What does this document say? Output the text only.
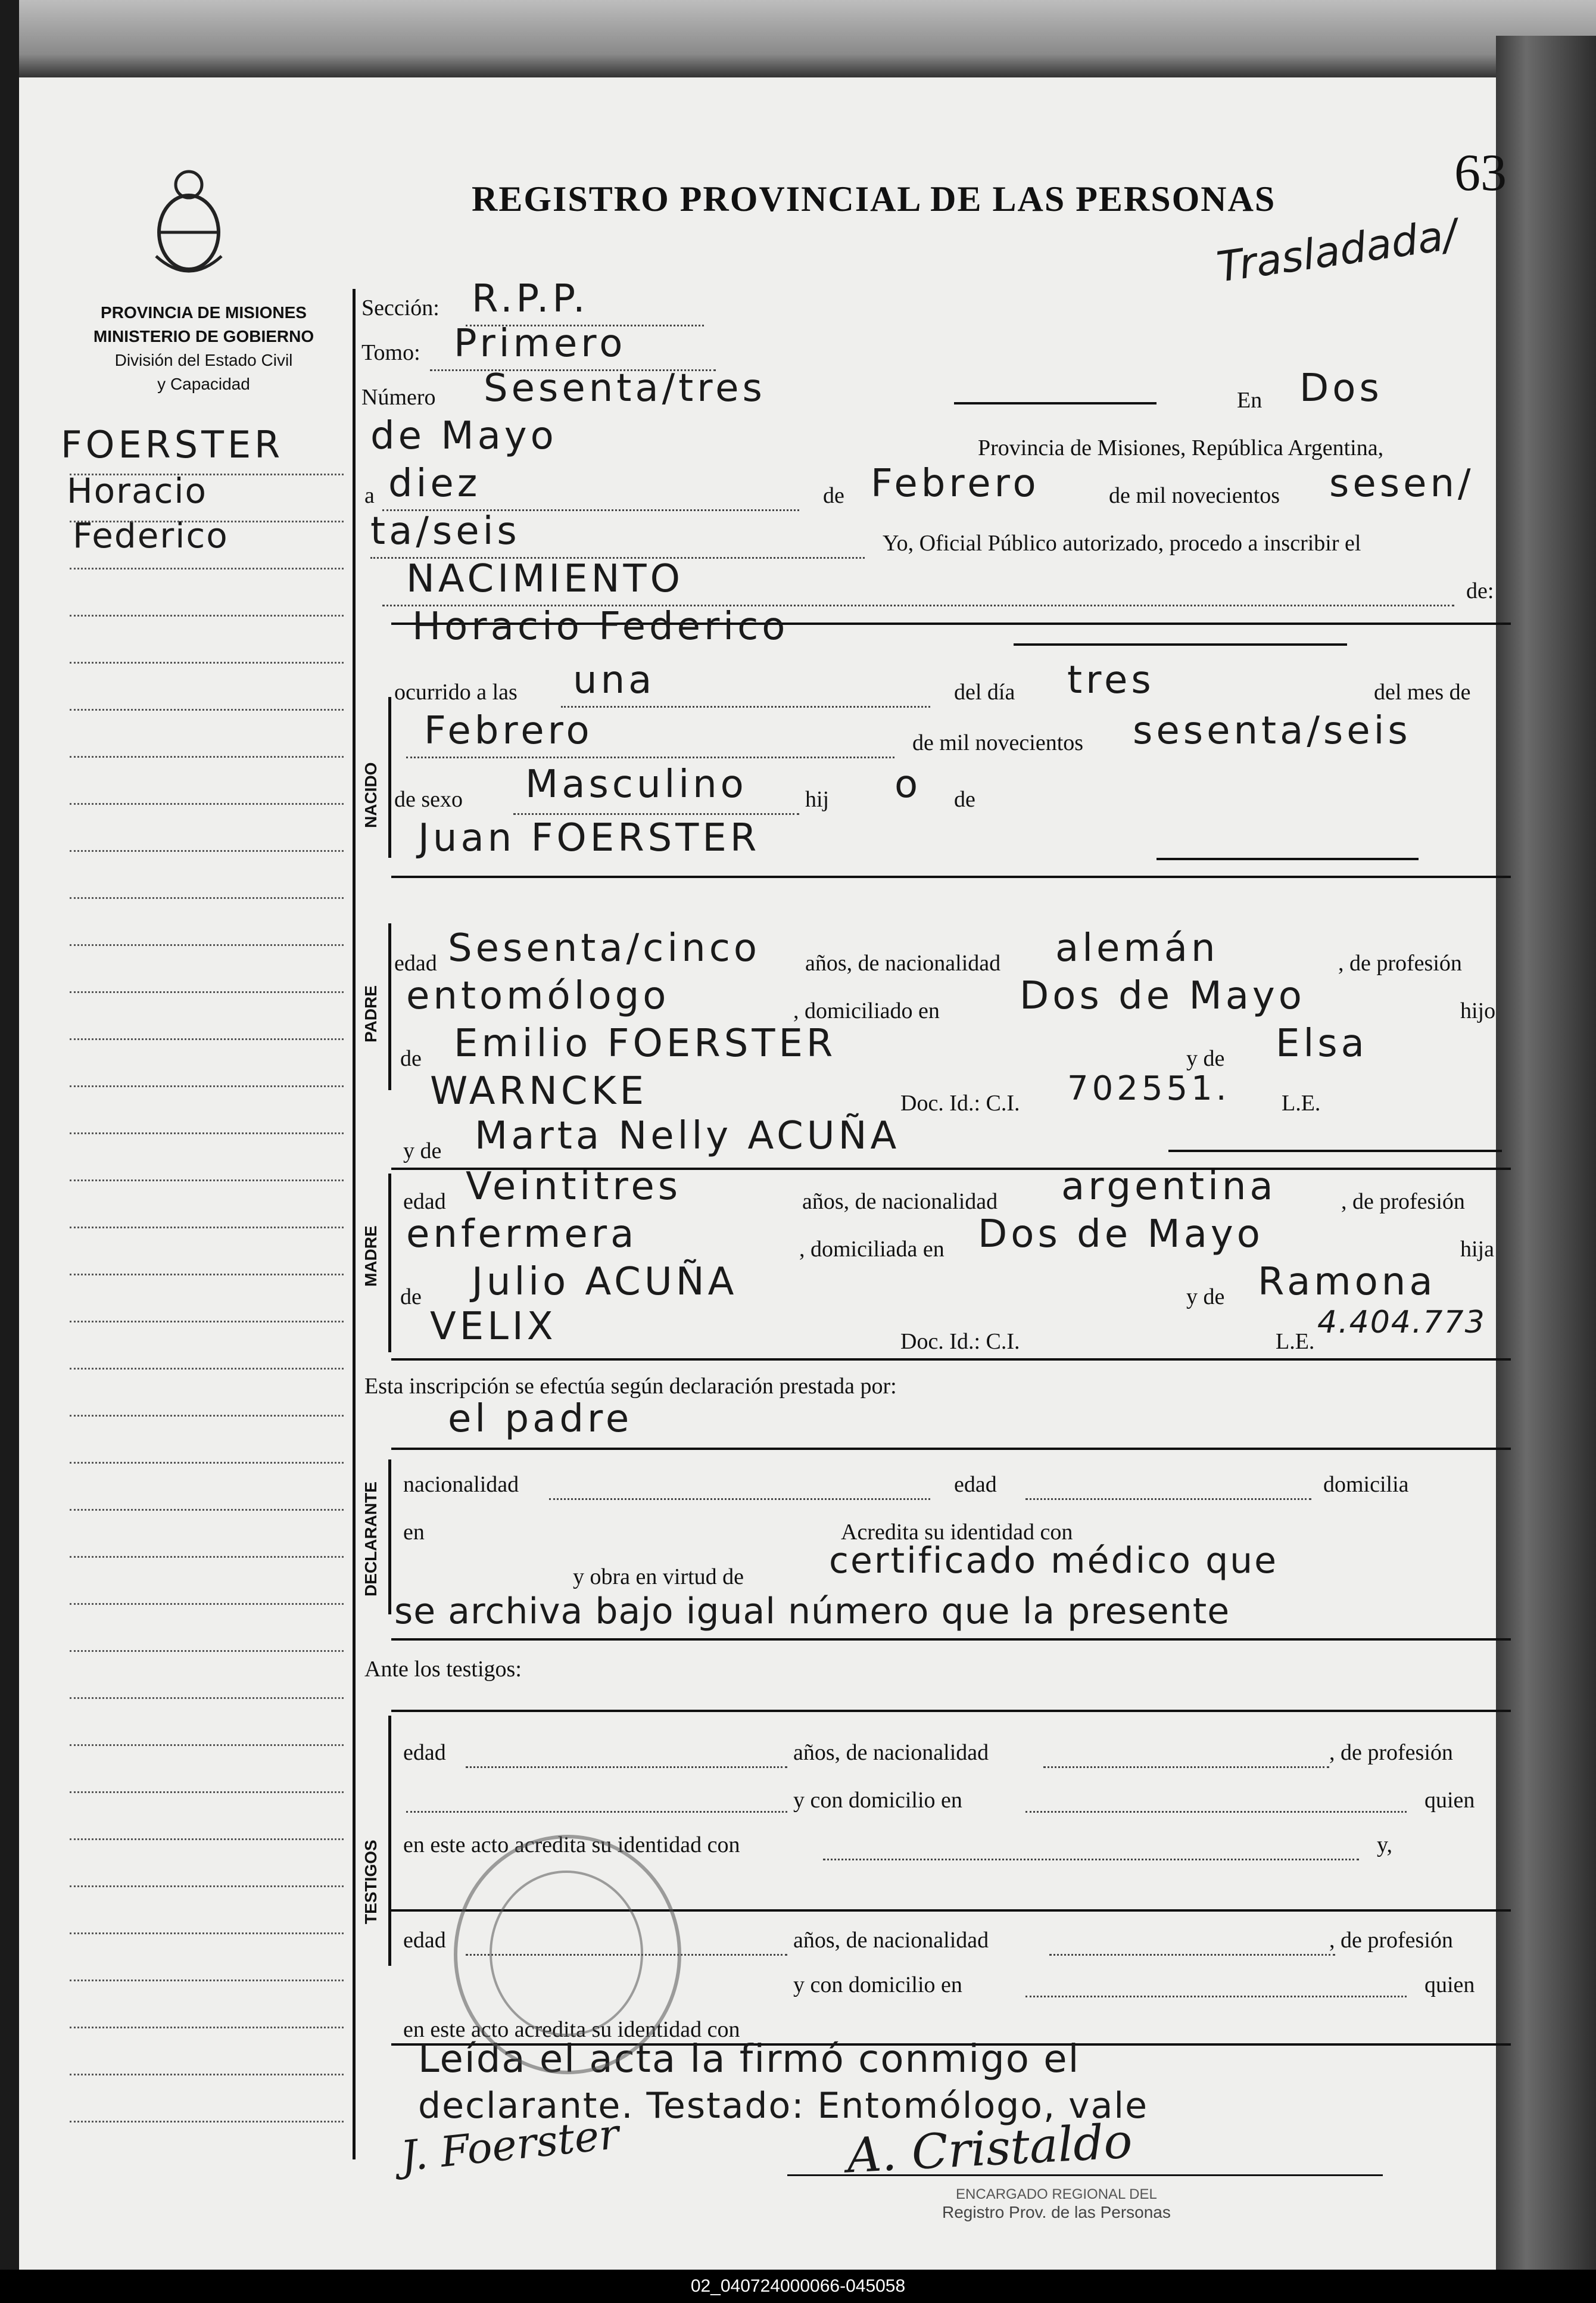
REGISTRO PROVINCIAL DE LAS PERSONAS	63
Trasladada/
PROVINCIA DE MISIONES
MINISTERIO DE GOBIERNO
División del Estado Civil
y Capacidad
FOERSTER
Horacio
Federico
Sección: R.P.P.
Tomo: Primero
Número Sesenta/tres	En Dos
de Mayo	Provincia de Misiones, República Argentina,
a diez	de Febrero	de mil novecientos sesen/
ta/seis	Yo, Oficial Público autorizado, procedo a inscribir el
NACIMIENTO	de:
NACIDO
Horacio Federico
ocurrido a las una	del día tres	del mes de
Febrero	de mil novecientos sesenta/seis
de sexo Masculino	hij o de
Juan FOERSTER
PADRE
edad Sesenta/cinco años, de nacionalidad alemán	, de profesión
entomólogo	, domiciliado en Dos de Mayo	hijo
de Emilio FOERSTER	y de Elsa
WARNCKE	Doc. Id.: C.I. 702551. L.E.
y de Marta Nelly ACUÑA
MADRE
edad Veintitres	años, de nacionalidad argentina	, de profesión
enfermera	, domiciliada en Dos de Mayo	hija
de Julio ACUÑA	y de Ramona
VELIX	Doc. Id.: C.I.	L.E.
4.404.773
Esta inscripción se efectúa según declaración prestada por:
el padre
DECLARANTE nacionalidad	edad	domicilia
en	Acredita su identidad con
y obra en virtud de certificado médico que
se archiva bajo igual número que la presente
Ante los testigos:
TESTIGOS
edad	años, de nacionalidad	, de profesión
y con domicilio en	quien
en este acto acredita su identidad con	y,
edad	años, de nacionalidad	, de profesión
y con domicilio en	quien
en este acto acredita su identidad con
Leída el acta la firmó conmigo el
declarante. Testado: Entomólogo, vale
J. Foerster	A. Cristaldo
ENCARGADO REGIONAL DEL
Registro Prov. de las Personas
02_040724000066-045058
